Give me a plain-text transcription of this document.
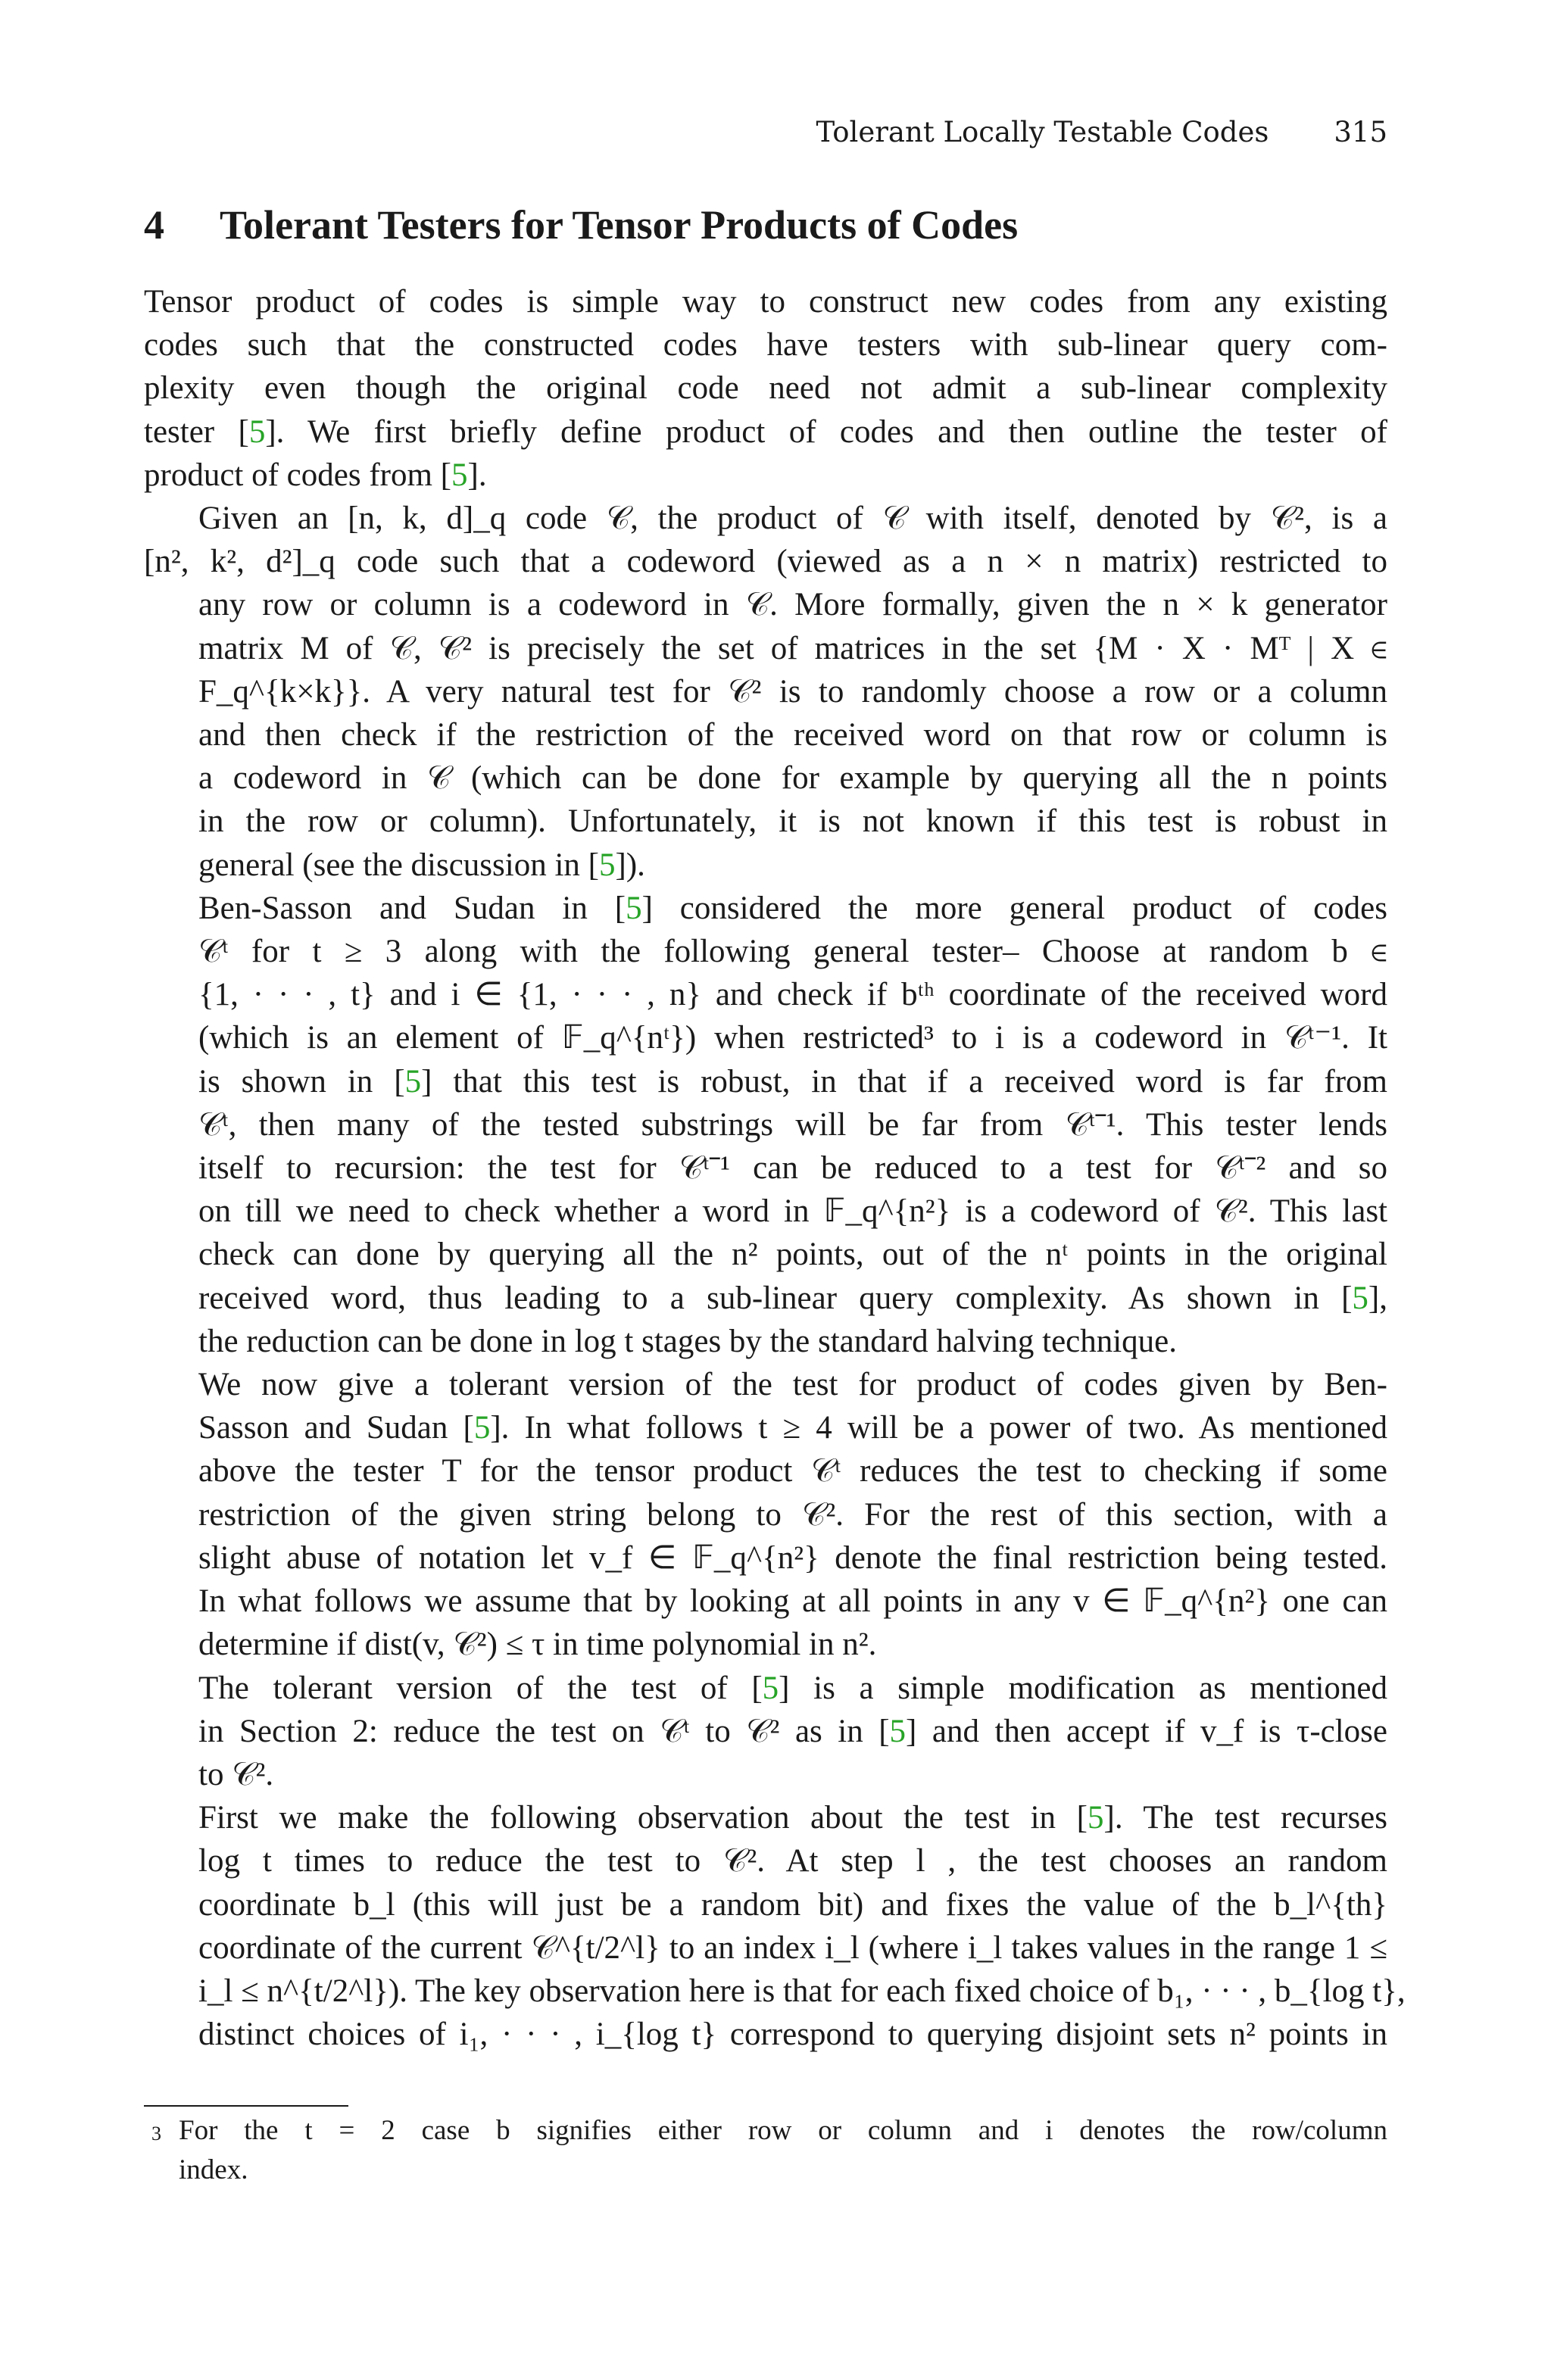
Tolerant Locally Testable Codes 315
4 Tolerant Testers for Tensor Products of Codes

Tensor product of codes is simple way to construct new codes from any existing
codes such that the constructed codes have testers with sub-linear query com-
plexity even though the original code need not admit a sub-linear complexity
tester [5]. We first briefly define product of codes and then outline the tester of
product of codes from [5].

Given an [n, k, d]_q code 𝒞, the product of 𝒞 with itself, denoted by 𝒞², is a
[n², k², d²]_q code such that a codeword (viewed as a n × n matrix) restricted to
any row or column is a codeword in 𝒞. More formally, given the n × k generator
matrix M of 𝒞, 𝒞² is precisely the set of matrices in the set {M · X · Mᵀ | X ∈
F_q^{k×k}}. A very natural test for 𝒞² is to randomly choose a row or a column
and then check if the restriction of the received word on that row or column is
a codeword in 𝒞 (which can be done for example by querying all the n points
in the row or column). Unfortunately, it is not known if this test is robust in
general (see the discussion in [5]).

Ben-Sasson and Sudan in [5] considered the more general product of codes
𝒞ᵗ for t ≥ 3 along with the following general tester– Choose at random b ∈
{1, · · · , t} and i ∈ {1, · · · , n} and check if bᵗʰ coordinate of the received word
(which is an element of 𝔽_q^{nᵗ}) when restricted³ to i is a codeword in 𝒞ᵗ⁻¹. It
is shown in [5] that this test is robust, in that if a received word is far from
𝒞ᵗ, then many of the tested substrings will be far from 𝒞ᵗ⁻¹. This tester lends
itself to recursion: the test for 𝒞ᵗ⁻¹ can be reduced to a test for 𝒞ᵗ⁻² and so
on till we need to check whether a word in 𝔽_q^{n²} is a codeword of 𝒞². This last
check can done by querying all the n² points, out of the nᵗ points in the original
received word, thus leading to a sub-linear query complexity. As shown in [5],
the reduction can be done in log t stages by the standard halving technique.

We now give a tolerant version of the test for product of codes given by Ben-
Sasson and Sudan [5]. In what follows t ≥ 4 will be a power of two. As mentioned
above the tester T for the tensor product 𝒞ᵗ reduces the test to checking if some
restriction of the given string belong to 𝒞². For the rest of this section, with a
slight abuse of notation let v_f ∈ 𝔽_q^{n²} denote the final restriction being tested.
In what follows we assume that by looking at all points in any v ∈ 𝔽_q^{n²} one can
determine if dist(v, 𝒞²) ≤ τ in time polynomial in n².

The tolerant version of the test of [5] is a simple modification as mentioned
in Section 2: reduce the test on 𝒞ᵗ to 𝒞² as in [5] and then accept if v_f is τ-close
to 𝒞².

First we make the following observation about the test in [5]. The test recurses
log t times to reduce the test to 𝒞². At step l , the test chooses an random
coordinate b_l (this will just be a random bit) and fixes the value of the b_l^{th}
coordinate of the current 𝒞^{t/2^l} to an index i_l (where i_l takes values in the range 1 ≤
i_l ≤ n^{t/2^l}). The key observation here is that for each fixed choice of b₁, · · · , b_{log t},
distinct choices of i₁, · · · , i_{log t} correspond to querying disjoint sets n² points in

3 For the t = 2 case b signifies either row or column and i denotes the row/column
index.
